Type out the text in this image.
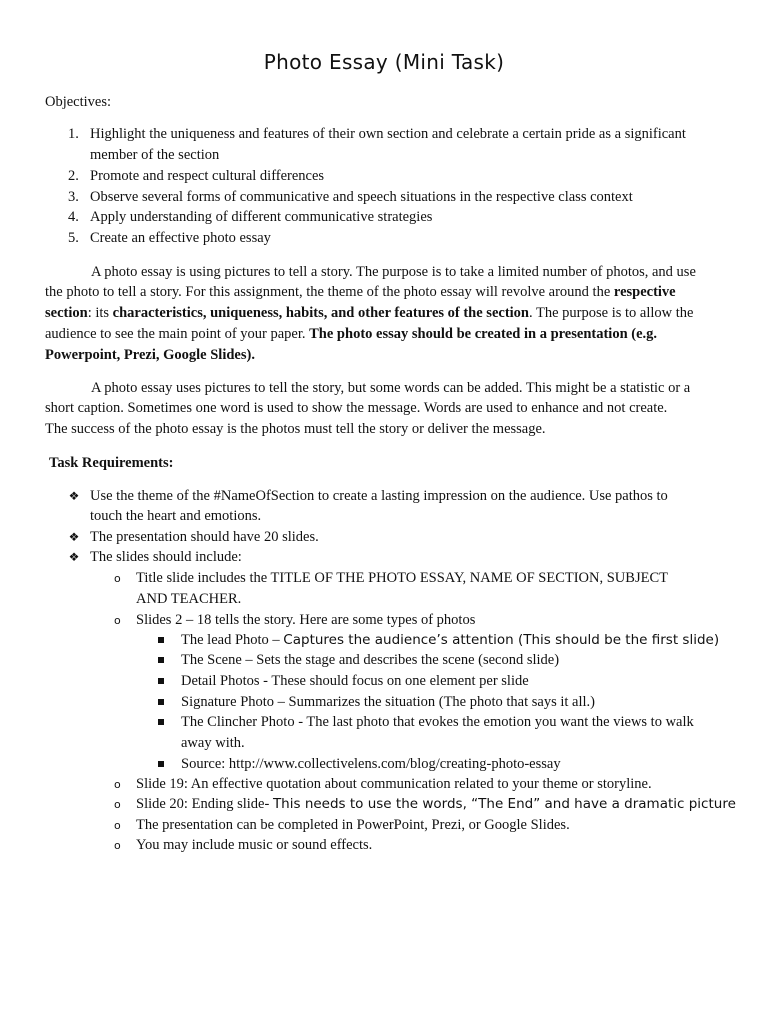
Photo Essay (Mini Task)
Objectives:
1. Highlight the uniqueness and features of their own section and celebrate a certain pride as a significant
member of the section
2. Promote and respect cultural differences
3. Observe several forms of communicative and speech situations in the respective class context
4. Apply understanding of different communicative strategies
5. Create an effective photo essay
A photo essay is using pictures to tell a story. The purpose is to take a limited number of photos, and use
the photo to tell a story. For this assignment, the theme of the photo essay will revolve around the respective
section: its characteristics, uniqueness, habits, and other features of the section. The purpose is to allow the
audience to see the main point of your paper. The photo essay should be created in a presentation (e.g.
Powerpoint, Prezi, Google Slides).
A photo essay uses pictures to tell the story, but some words can be added. This might be a statistic or a
short caption. Sometimes one word is used to show the message. Words are used to enhance and not create.
The success of the photo essay is the photos must tell the story or deliver the message.
Task Requirements:
❖ Use the theme of the #NameOfSection to create a lasting impression on the audience. Use pathos to
touch the heart and emotions.
❖ The presentation should have 20 slides.
❖ The slides should include:
o Title slide includes the TITLE OF THE PHOTO ESSAY, NAME OF SECTION, SUBJECT
AND TEACHER.
o Slides 2 – 18 tells the story. Here are some types of photos
The lead Photo – Captures the audience’s attention (This should be the first slide)
The Scene – Sets the stage and describes the scene (second slide)
Detail Photos - These should focus on one element per slide
Signature Photo – Summarizes the situation (The photo that says it all.)
The Clincher Photo - The last photo that evokes the emotion you want the views to walk
away with.
Source: http://www.collectivelens.com/blog/creating-photo-essay
o Slide 19: An effective quotation about communication related to your theme or storyline.
o Slide 20: Ending slide- This needs to use the words, “The End” and have a dramatic picture
o The presentation can be completed in PowerPoint, Prezi, or Google Slides.
o You may include music or sound effects.
